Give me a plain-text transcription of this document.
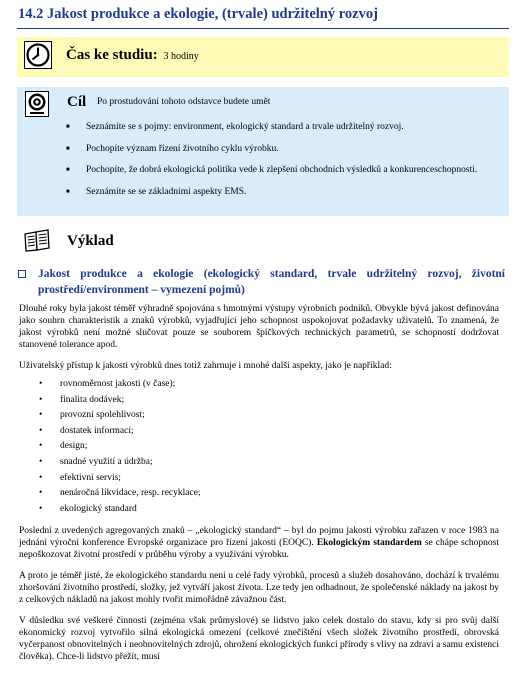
14.2 Jakost produkce a ekologie, (trvale) udržitelný rozvoj
Čas ke studiu: 3 hodiny
Cíl Po prostudování tohoto odstavce budete umět
■ Seznámíte se s pojmy: environment, ekologický standard a trvale udržitelný rozvoj.
■ Pochopíte význam řízení životního cyklu výrobku.
■ Pochopíte, že dobrá ekologická politika vede k zlepšení obchodních výsledků a konkurenceschopnosti.
■ Seznámíte se se základními aspekty EMS.
Výklad
Jakost produkce a ekologie (ekologický standard, trvale udržitelný rozvoj, životní prostředí/environment – vymezení pojmů)

Dlouhé roky byla jakost téměř výhradně spojována s hmotnými výstupy výrobních podniků. Obvykle bývá jakost definována jako souhrn charakteristik a znaků výrobků, vyjadřující jeho schopnost uspokojovat požadavky uživatelů. To znamená, že jakost výrobků není možné slučovat pouze se souborem špičkových technických parametrů, se schopností dodržovat stanovené tolerance apod.

Uživatelský přístup k jakosti výrobků dnes totiž zahrnuje i mnohé další aspekty, jako je například:

• rovnoměrnost jakosti (v čase);
• finalita dodávek;
• provozní spolehlivost;
• dostatek informací;
• design;
• snadné využití a údržba;
• efektivní servis;
• nenáročná likvidace, resp. recyklace;
• ekologický standard

Poslední z uvedených agregovaných znaků – „ekologický standard“ – byl do pojmu jakosti výrobku zařazen v roce 1983 na jednání výroční konference Evropské organizace pro řízení jakosti (EOQC). Ekologickým standardem se chápe schopnost nepoškozovat životní prostředí v průběhu výroby a využívání výrobku.

A proto je téměř jisté, že ekologického standardu není u celé řady výrobků, procesů a služeb dosahováno, dochází k trvalému zhoršování životního prostředí, složky, jež vytváří jakost života. Lze tedy jen odhadnout, že společenské náklady na jakost by z celkových nákladů na jakost mohly tvořit mimořádně závažnou část.

V důsledku své veškeré činnosti (zejména však průmyslové) se lidstvo jako celek dostalo do stavu, kdy si pro svůj další ekonomický rozvoj vytvořilo silná ekologická omezení (celkové znečištění všech složek životního prostředí, obrovská vyčerpanost obnovitelných i neobnovitelných zdrojů, ohrožení ekologických funkcí přírody s vlivy na zdraví a samu existenci člověka). Chce-li lidstvo přežít, musí
